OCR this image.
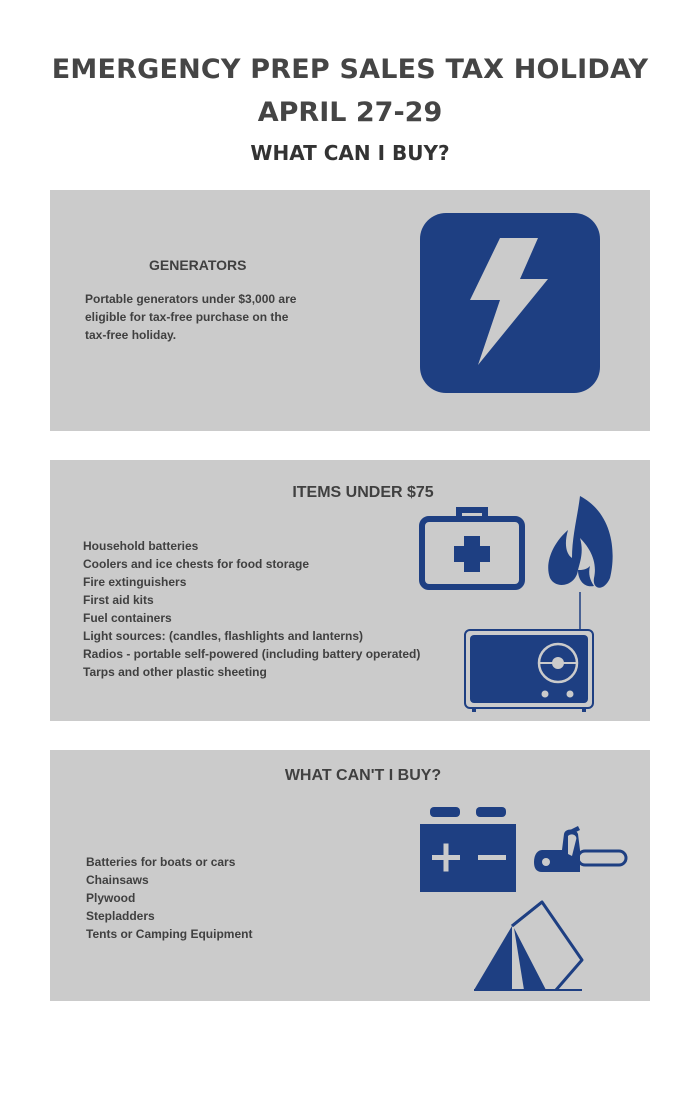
EMERGENCY PREP SALES TAX HOLIDAY
APRIL 27-29
WHAT CAN I BUY?
GENERATORS

Portable generators under $3,000 are eligible for tax-free purchase on the tax-free holiday.

ITEMS UNDER $75
Household batteries
Coolers and ice chests for food storage
Fire extinguishers
First aid kits
Fuel containers
Light sources: (candles, flashlights and lanterns)
Radios - portable self-powered (including battery operated)
Tarps and other plastic sheeting
WHAT CAN'T I BUY?
Batteries for boats or cars
Chainsaws
Plywood
Stepladders
Tents or Camping Equipment
